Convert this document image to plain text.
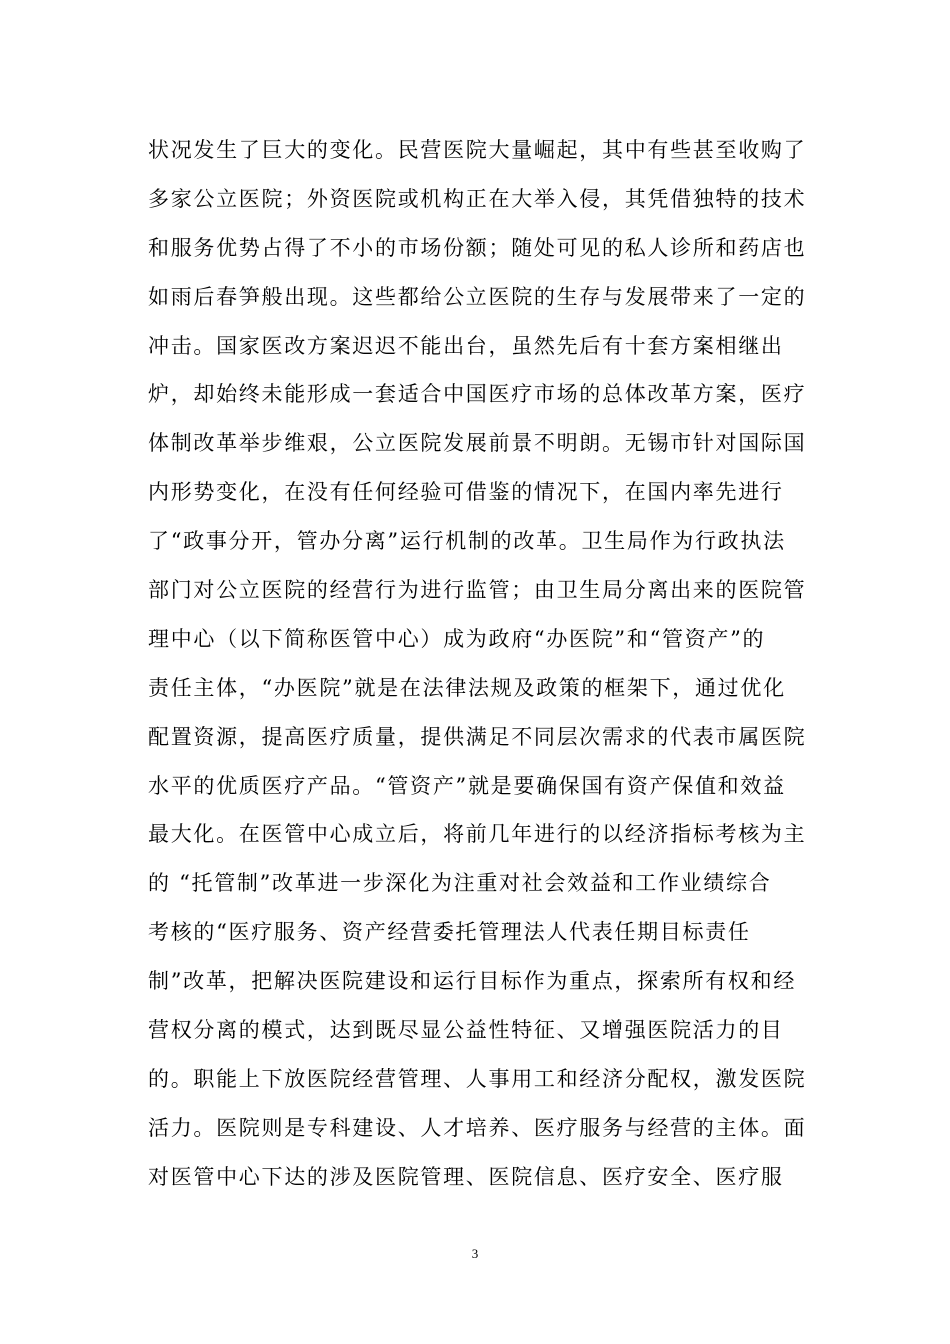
状况发生了巨大的变化。民营医院大量崛起，其中有些甚至收购了
多家公立医院；外资医院或机构正在大举入侵，其凭借独特的技术
和服务优势占得了不小的市场份额；随处可见的私人诊所和药店也
如雨后春笋般出现。这些都给公立医院的生存与发展带来了一定的
冲击。国家医改方案迟迟不能出台，虽然先后有十套方案相继出
炉，却始终未能形成一套适合中国医疗市场的总体改革方案，医疗
体制改革举步维艰，公立医院发展前景不明朗。无锡市针对国际国
内形势变化，在没有任何经验可借鉴的情况下，在国内率先进行
了“政事分开，管办分离”运行机制的改革。卫生局作为行政执法
部门对公立医院的经营行为进行监管；由卫生局分离出来的医院管
理中心（以下简称医管中心）成为政府“办医院”和“管资产”的
责任主体，“办医院”就是在法律法规及政策的框架下，通过优化
配置资源，提高医疗质量，提供满足不同层次需求的代表市属医院
水平的优质医疗产品。“管资产”就是要确保国有资产保值和效益
最大化。在医管中心成立后，将前几年进行的以经济指标考核为主
的 “托管制”改革进一步深化为注重对社会效益和工作业绩综合
考核的“医疗服务、资产经营委托管理法人代表任期目标责任
制”改革，把解决医院建设和运行目标作为重点，探索所有权和经
营权分离的模式，达到既尽显公益性特征、又增强医院活力的目
的。职能上下放医院经营管理、人事用工和经济分配权，激发医院
活力。医院则是专科建设、人才培养、医疗服务与经营的主体。面
对医管中心下达的涉及医院管理、医院信息、医疗安全、医疗服
3
